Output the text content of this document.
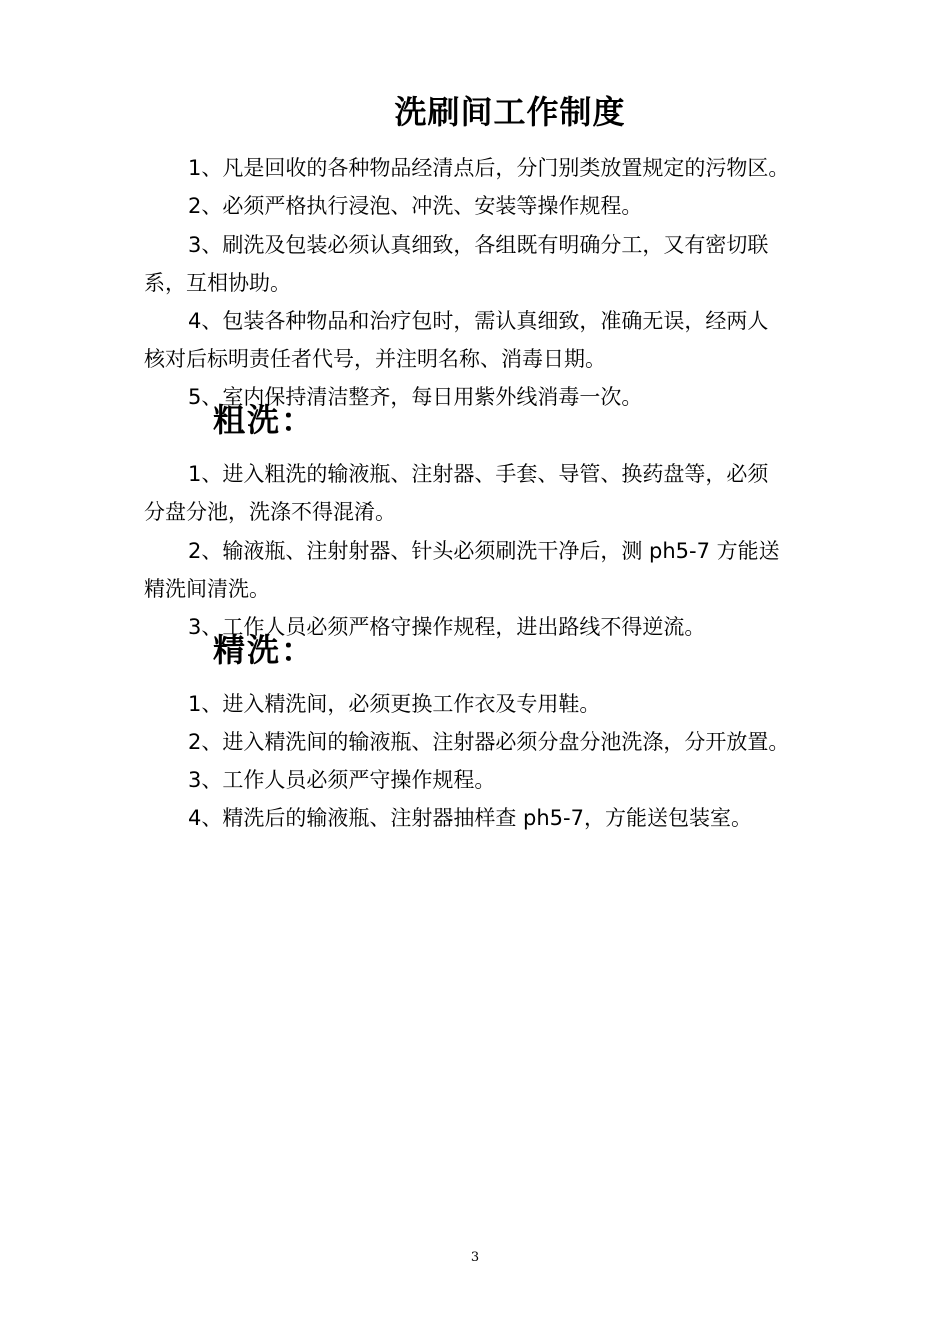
洗刷间工作制度
1、凡是回收的各种物品经清点后，分门别类放置规定的污物区。
2、必须严格执行浸泡、冲洗、安装等操作规程。
3、刷洗及包装必须认真细致，各组既有明确分工，又有密切联
系，互相协助。
4、包装各种物品和治疗包时，需认真细致，准确无误，经两人
核对后标明责任者代号，并注明名称、消毒日期。
5、室内保持清洁整齐，每日用紫外线消毒一次。
粗洗：
1、进入粗洗的输液瓶、注射器、手套、导管、换药盘等，必须
分盘分池，洗涤不得混淆。
2、输液瓶、注射射器、针头必须刷洗干净后，测 ph5-7 方能送
精洗间清洗。
3、工作人员必须严格守操作规程，进出路线不得逆流。
精洗：
1、进入精洗间，必须更换工作衣及专用鞋。
2、进入精洗间的输液瓶、注射器必须分盘分池洗涤，分开放置。
3、工作人员必须严守操作规程。
4、精洗后的输液瓶、注射器抽样查 ph5-7，方能送包装室。
3
